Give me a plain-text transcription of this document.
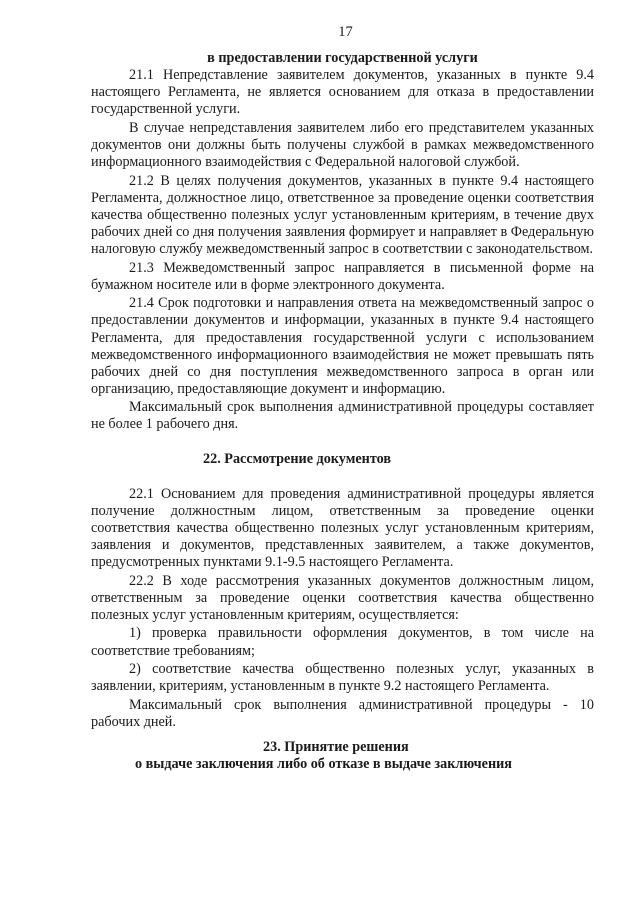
17
в предоставлении государственной услуги

21.1 Непредставление заявителем документов, указанных в пункте 9.4 настоящего Регламента, не является основанием для отказа в предоставлении государственной услуги.

В случае непредставления заявителем либо его представителем указанных документов они должны быть получены службой в рамках межведомственного информационного взаимодействия с Федеральной налоговой службой.

21.2 В целях получения документов, указанных в пункте 9.4 настоящего Регламента, должностное лицо, ответственное за проведение оценки соответствия качества общественно полезных услуг установленным критериям, в течение двух рабочих дней со дня получения заявления формирует и направляет в Федеральную налоговую службу межведомственный запрос в соответствии с законодательством.

21.3 Межведомственный запрос направляется в письменной форме на бумажном носителе или в форме электронного документа.

21.4 Срок подготовки и направления ответа на межведомственный запрос о предоставлении документов и информации, указанных в пункте 9.4 настоящего Регламента, для предоставления государственной услуги с использованием межведомственного информационного взаимодействия не может превышать пять рабочих дней со дня поступления межведомственного запроса в орган или организацию, предоставляющие документ и информацию.

Максимальный срок выполнения административной процедуры составляет не более 1 рабочего дня.

22. Рассмотрение документов

22.1 Основанием для проведения административной процедуры является получение должностным лицом, ответственным за проведение оценки соответствия качества общественно полезных услуг установленным критериям, заявления и документов, представленных заявителем, а также документов, предусмотренных пунктами 9.1-9.5 настоящего Регламента.

22.2 В ходе рассмотрения указанных документов должностным лицом, ответственным за проведение оценки соответствия качества общественно полезных услуг установленным критериям, осуществляется:

1) проверка правильности оформления документов, в том числе на соответствие требованиям;

2) соответствие качества общественно полезных услуг, указанных в заявлении, критериям, установленным в пункте 9.2 настоящего Регламента.

Максимальный срок выполнения административной процедуры - 10 рабочих дней.

23. Принятие решения
о выдаче заключения либо об отказе в выдаче заключения
